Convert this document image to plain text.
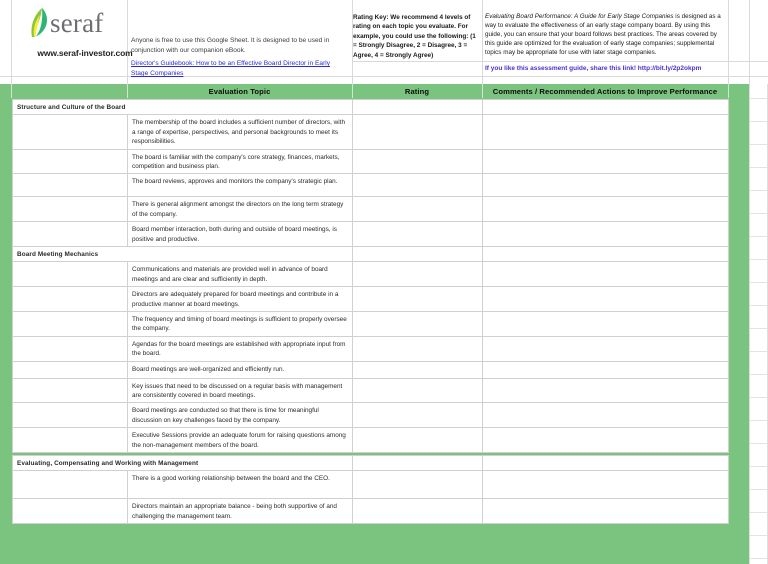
seraf
www.seraf-investor.com
Anyone is free to use this Google Sheet. It is designed to be used in conjunction with our companion eBook.
Director's Guidebook: How to be an Effective Board Director in Early Stage Companies
Rating Key: We recommend 4 levels of rating on each topic you evaluate. For example, you could use the following: (1 = Strongly Disagree, 2 = Disagree, 3 = Agree, 4 = Strongly Agree)
Evaluating Board Performance: A Guide for Early Stage Companies is designed as a way to evaluate the effectiveness of an early stage company board. By using this guide, you can ensure that your board follows best practices. The areas covered by this guide are optimized for the evaluation of early stage companies; supplemental topics may be appropriate for use with later stage companies.
If you like this assessment guide, share this link! http://bit.ly/2p2okpm
Evaluation Topic	Rating	Comments / Recommended Actions to Improve Performance
Structure and Culture of the Board			
	The membership of the board includes a sufficient number of directors, with a range of expertise, perspectives, and personal backgrounds to meet its responsibilities.		
	The board is familiar with the company's core strategy, finances, markets, competition and business plan.		
	The board reviews, approves and monitors the company's strategic plan.		
	There is general alignment amongst the directors on the long term strategy of the company.		
	Board member interaction, both during and outside of board meetings, is positive and productive.		
Board Meeting Mechanics			
	Communications and materials are provided well in advance of board meetings and are clear and sufficiently in depth.		
	Directors are adequately prepared for board meetings and contribute in a productive manner at board meetings.		
	The frequency and timing of board meetings is sufficient to properly oversee the company.		
	Agendas for the board meetings are established with appropriate input from the board.		
	Board meetings are well-organized and efficiently run.		
	Key issues that need to be discussed on a regular basis with management are consistently covered in board meetings.		
	Board meetings are conducted so that there is time for meaningful discussion on key challenges faced by the company.		
	Executive Sessions provide an adequate forum for raising questions among the non-management members of the board.		
Evaluating, Compensating and Working with Management			
	There is a good working relationship between the board and the CEO.		
	Directors maintain an appropriate balance - being both supportive of and challenging the management team.		
